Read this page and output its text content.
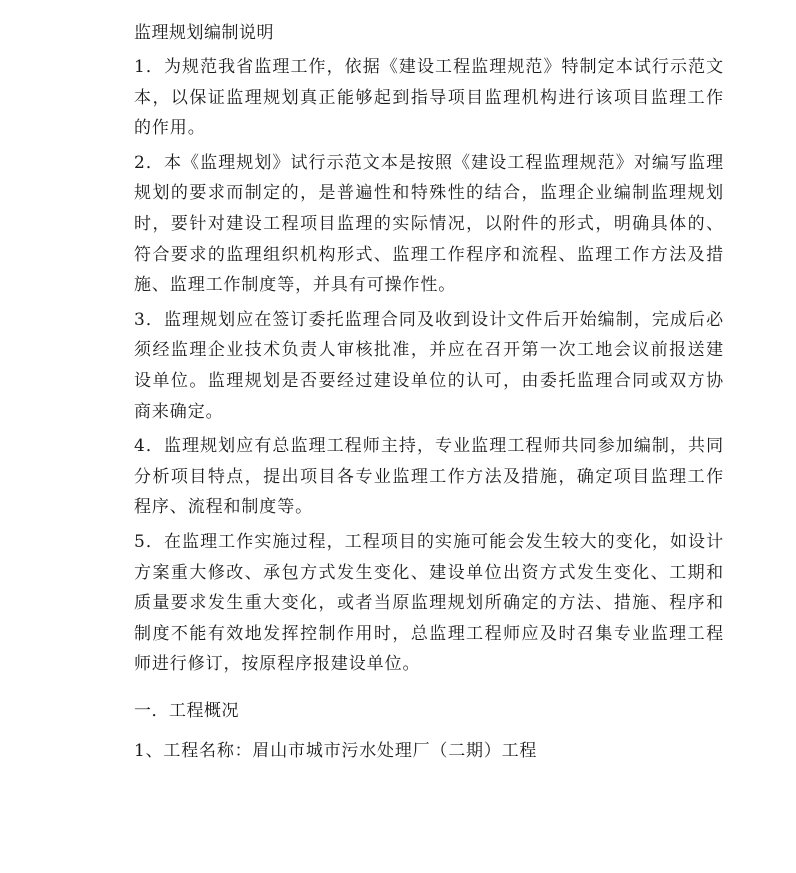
监理规划编制说明

1．为规范我省监理工作，依据《建设工程监理规范》特制定本试行示范文本，以保证监理规划真正能够起到指导项目监理机构进行该项目监理工作的作用。

2．本《监理规划》试行示范文本是按照《建设工程监理规范》对编写监理规划的要求而制定的，是普遍性和特殊性的结合，监理企业编制监理规划时，要针对建设工程项目监理的实际情况，以附件的形式，明确具体的、符合要求的监理组织机构形式、监理工作程序和流程、监理工作方法及措施、监理工作制度等，并具有可操作性。

3．监理规划应在签订委托监理合同及收到设计文件后开始编制，完成后必须经监理企业技术负责人审核批准，并应在召开第一次工地会议前报送建设单位。监理规划是否要经过建设单位的认可，由委托监理合同或双方协商来确定。

4．监理规划应有总监理工程师主持，专业监理工程师共同参加编制，共同分析项目特点，提出项目各专业监理工作方法及措施，确定项目监理工作程序、流程和制度等。

5．在监理工作实施过程，工程项目的实施可能会发生较大的变化，如设计方案重大修改、承包方式发生变化、建设单位出资方式发生变化、工期和质量要求发生重大变化，或者当原监理规划所确定的方法、措施、程序和制度不能有效地发挥控制作用时，总监理工程师应及时召集专业监理工程师进行修订，按原程序报建设单位。

一．工程概况
1、工程名称：眉山市城市污水处理厂（二期）工程
